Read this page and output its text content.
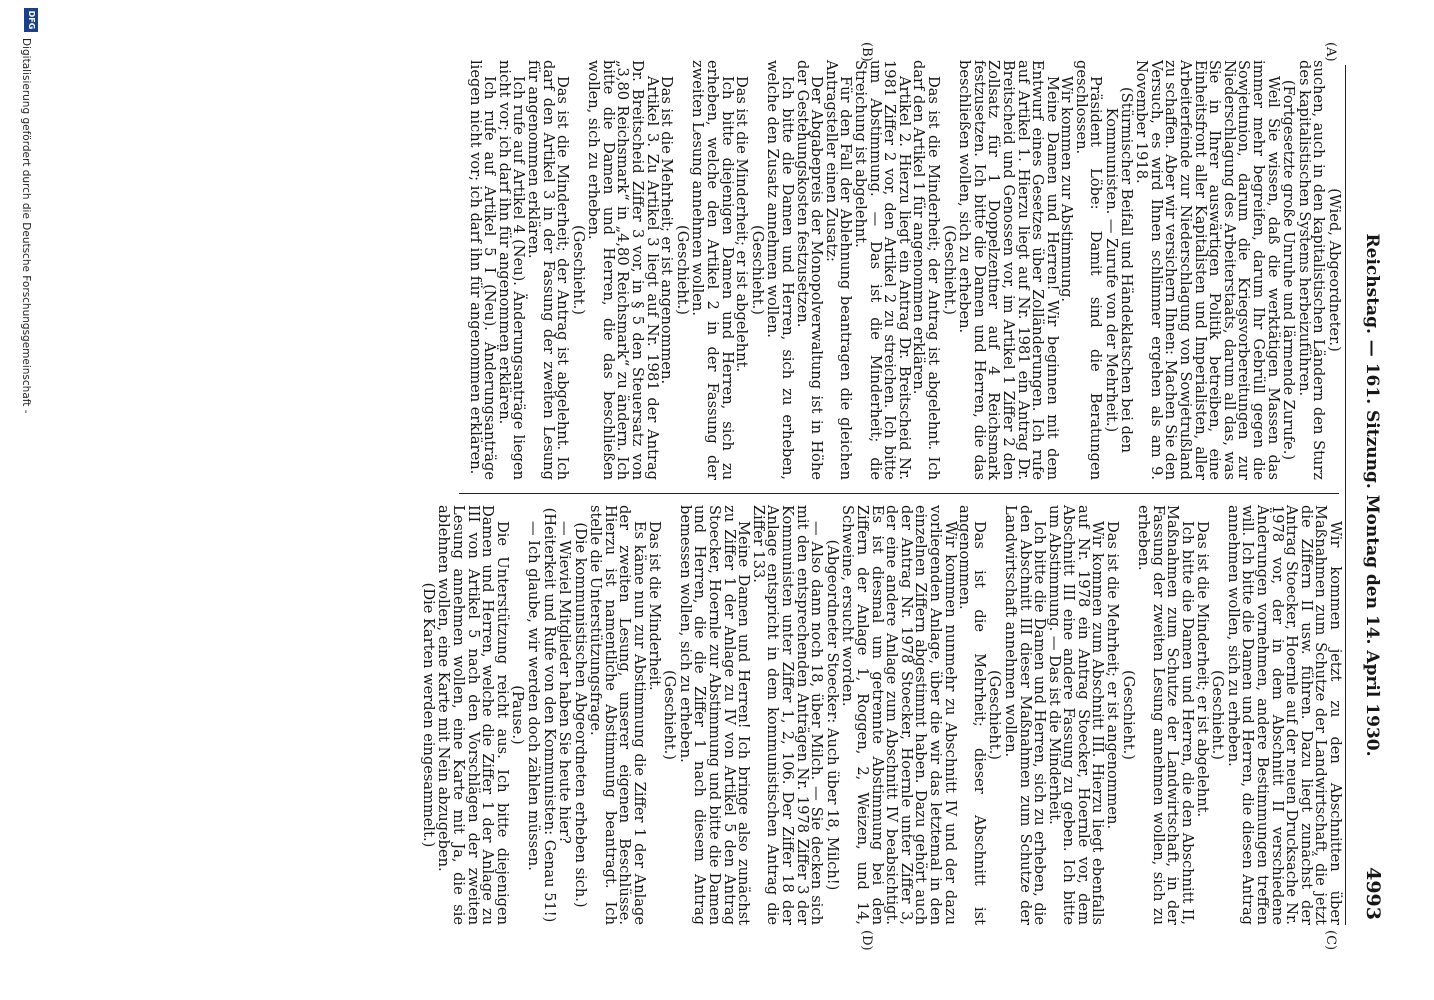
Reichstag. — 161. Sitzung. Montag den 14. April 1930.
4993
(A)
(B)
(C)
(D)

(Wied, Abgeordneter.)

suchen, auch in den kapitalistischen Ländern den Sturz des kapitalistischen Systems herbeizuführen.

(Fortgesetzte große Unruhe und lärmende Zurufe.)

Weil Sie wissen, daß die werktätigen Massen das immer mehr begreifen, darum Ihr Gebrüll gegen die Sowjetunion, darum die Kriegsvorbereitungen zur Niederschlagung des Arbeiterstaats, darum all das, was Sie in Ihrer auswärtigen Politik betreiben, eine Einheitsfront aller Kapitalisten und Imperialisten, aller Arbeiterfeinde zur Niederschlagung von Sowjetrußland zu schaffen. Aber wir versichern Ihnen: Machen Sie den Versuch, es wird Ihnen schlimmer ergehen als am 9. November 1918.

(Stürmischer Beifall und Händeklatschen bei den Kommunisten. — Zurufe von der Mehrheit.)

Präsident Löbe: Damit sind die Beratungen geschlossen.

Wir kommen zur Abstimmung.

Meine Damen und Herren! Wir beginnen mit dem Entwurf eines Gesetzes über Zolländerungen. Ich rufe auf Artikel 1. Hierzu liegt auf Nr. 1981 ein Antrag Dr. Breitscheid und Genossen vor, im Artikel 1 Ziffer 2 den Zollsatz für 1 Doppelzentner auf 4 Reichsmark festzusetzen. Ich bitte die Damen und Herren, die das beschließen wollen, sich zu erheben.

(Geschieht.)

Das ist die Minderheit; der Antrag ist abgelehnt. Ich darf den Artikel 1 für angenommen erklären.

Artikel 2. Hierzu liegt ein Antrag Dr. Breitscheid Nr. 1981 Ziffer 2 vor, den Artikel 2 zu streichen. Ich bitte um Abstimmung. — Das ist die Minderheit; die Streichung ist abgelehnt.

Für den Fall der Ablehnung beantragen die gleichen Antragsteller einen Zusatz:

Der Abgabepreis der Monopolverwaltung ist in Höhe der Gestehungskosten festzusetzen.

Ich bitte die Damen und Herren, sich zu erheben, welche den Zusatz annehmen wollen.

(Geschieht.)

Das ist die Minderheit; er ist abgelehnt.

Ich bitte diejenigen Damen und Herren, sich zu erheben, welche den Artikel 2 in der Fassung der zweiten Lesung annehmen wollen.

(Geschieht.)

Das ist die Mehrheit; er ist angenommen.

Artikel 3. Zu Artikel 3 liegt auf Nr. 1981 der Antrag Dr. Breitscheid Ziffer 3 vor, in § 5 den Steuersatz von „3,80 Reichsmark“ in „4,80 Reichsmark“ zu ändern. Ich bitte die Damen und Herren, die das beschließen wollen, sich zu erheben.

(Geschieht.)

Das ist die Minderheit; der Antrag ist abgelehnt. Ich darf den Artikel 3 in der Fassung der zweiten Lesung für angenommen erklären.

Ich rufe auf Artikel 4 (Neu). Änderungsanträge liegen nicht vor; ich darf ihn für angenommen erklären.

Ich rufe auf Artikel 5 I (Neu). Änderungsanträge liegen nicht vor; ich darf ihn für angenommen erklären.

Wir kommen jetzt zu den Abschnitten über Maßnahmen zum Schutze der Landwirtschaft, die jetzt die Ziffern II usw. führen. Dazu liegt zunächst der Antrag Stoecker, Hoernle auf der neuen Drucksache Nr. 1978 vor, der in dem Abschnitt II verschiedene Änderungen vornehmen, andere Bestimmungen treffen will. Ich bitte die Damen und Herren, die diesen Antrag annehmen wollen, sich zu erheben.

(Geschieht.)

Das ist die Minderheit; er ist abgelehnt.

Ich bitte die Damen und Herren, die den Abschnitt II, Maßnahmen zum Schutze der Landwirtschaft, in der Fassung der zweiten Lesung annehmen wollen, sich zu erheben.

(Geschieht.)

Das ist die Mehrheit; er ist angenommen.

Wir kommen zum Abschnitt III. Hierzu liegt ebenfalls auf Nr. 1978 ein Antrag Stoecker, Hoernle vor, dem Abschnitt III eine andere Fassung zu geben. Ich bitte um Abstimmung. — Das ist die Minderheit.

Ich bitte die Damen und Herren, sich zu erheben, die den Abschnitt III dieser Maßnahmen zum Schutze der Landwirtschaft annehmen wollen.

(Geschieht.)

Das ist die Mehrheit; dieser Abschnitt ist angenommen.

Wir kommen nunmehr zu Abschnitt IV und der dazu vorliegenden Anlage, über die wir das letztemal in den einzelnen Ziffern abgestimmt haben. Dazu gehört auch der Antrag Nr. 1978 Stoecker, Hoernle unter Ziffer 3, der eine andere Anlage zum Abschnitt IV beabsichtigt. Es ist diesmal um getrennte Abstimmung bei den Ziffern der Anlage 1, Roggen, 2, Weizen, und 14, Schweine, ersucht worden.

(Abgeordneter Stoecker: Auch über 18, Milch!)

— Also dann noch 18, über Milch. — Sie decken sich mit den entsprechenden Anträgen Nr. 1978 Ziffer 3 der Kommunisten unter Ziffer 1, 2, 106. Der Ziffer 18 der Anlage entspricht in dem kommunistischen Antrag die Ziffer 133.

Meine Damen und Herren! Ich bringe also zunächst zu Ziffer 1 der Anlage zu IV von Artikel 5 den Antrag Stoecker, Hoernle zur Abstimmung und bitte die Damen und Herren, die die Ziffer 1 nach diesem Antrag bemessen wollen, sich zu erheben.

(Geschieht.)

Das ist die Minderheit.

Es käme nun zur Abstimmung die Ziffer 1 der Anlage der zweiten Lesung, unserer eigenen Beschlüsse. Hierzu ist namentliche Abstimmung beantragt. Ich stelle die Unterstützungsfrage.

(Die kommunistischen Abgeordneten erheben sich.)

— Wieviel Mitglieder haben Sie heute hier?

(Heiterkeit und Rufe von den Kommunisten: Genau 51!)

— Ich glaube, wir werden doch zählen müssen.

(Pause.)

Die Unterstützung reicht aus. Ich bitte diejenigen Damen und Herren, welche die Ziffer 1 der Anlage zu III von Artikel 5 nach den Vorschlägen der zweiten Lesung annehmen wollen, eine Karte mit Ja, die sie ablehnen wollen, eine Karte mit Nein abzugeben.

(Die Karten werden eingesammelt.)

DFG
Digitalisierung gefördert durch die Deutsche Forschungsgemeinschaft -
